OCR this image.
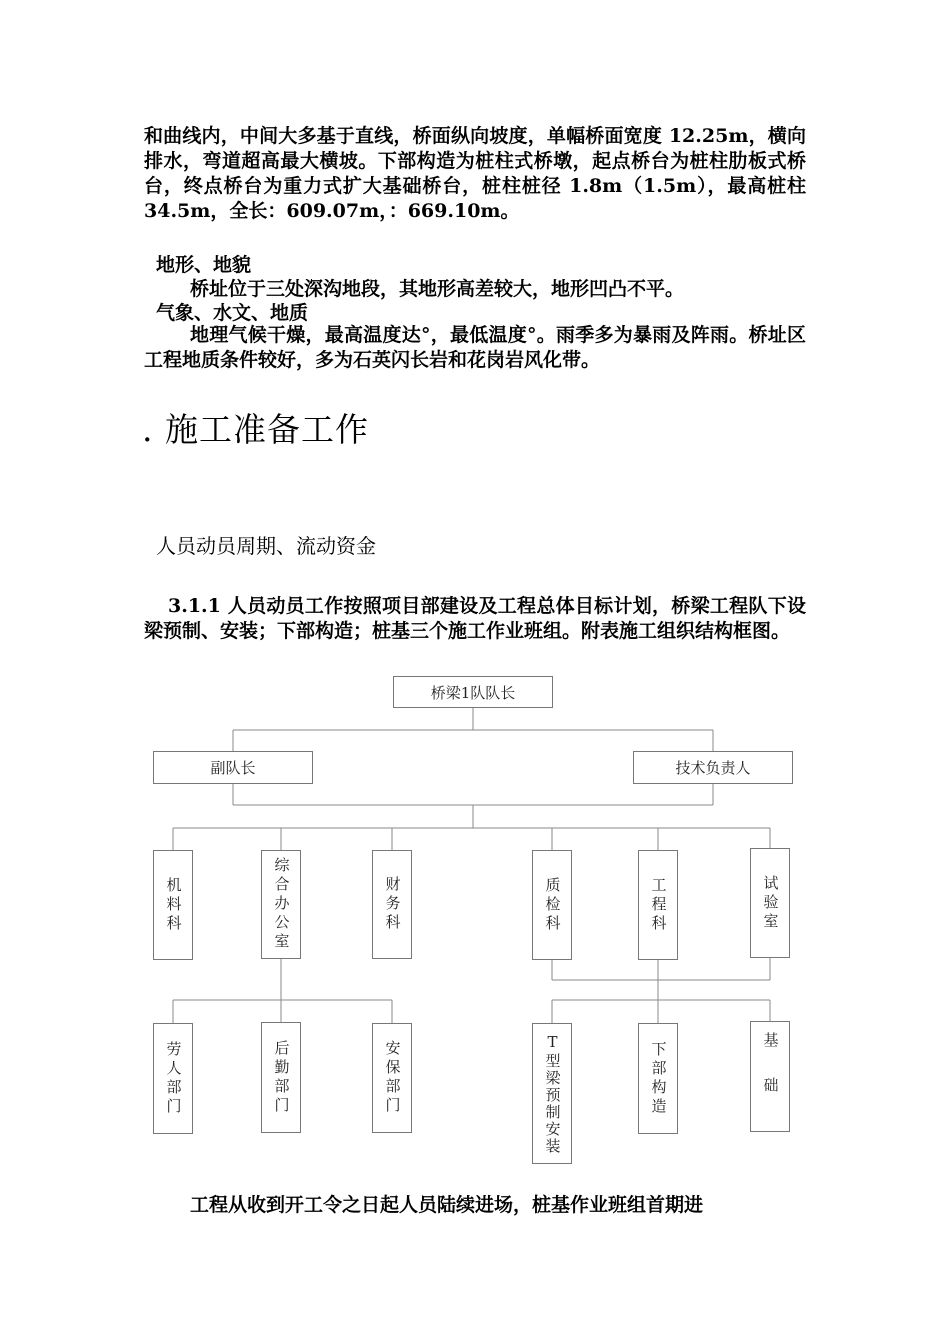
和曲线内，中间大多基于直线，桥面纵向坡度，单幅桥面宽度 12.25m，横向排水，弯道超高最大横坡。下部构造为桩柱式桥墩，起点桥台为桩柱肋板式桥台，终点桥台为重力式扩大基础桥台，桩柱桩径 1.8m（1.5m），最高桩柱 34.5m，全长：609.07m，：669.10m。
地形、地貌
桥址位于三处深沟地段，其地形高差较大，地形凹凸不平。
气象、水文、地质
地理气候干燥，最高温度达°，最低温度°。雨季多为暴雨及阵雨。桥址区工程地质条件较好，多为石英闪长岩和花岗岩风化带。
. 施工准备工作
人员动员周期、流动资金
3.1.1 人员动员工作按照项目部建设及工程总体目标计划，桥梁工程队下设 梁预制、安装；下部构造；桩基三个施工作业班组。附表施工组织结构框图。
桥梁1队队长
副队长	技术负责人
机料科	综合办公室	财务科	质检科	工程科	试验室
劳人部门	后勤部门	安保部门	T型梁预制安装	下部构造	基础
工程从收到开工令之日起人员陆续进场，桩基作业班组首期进
